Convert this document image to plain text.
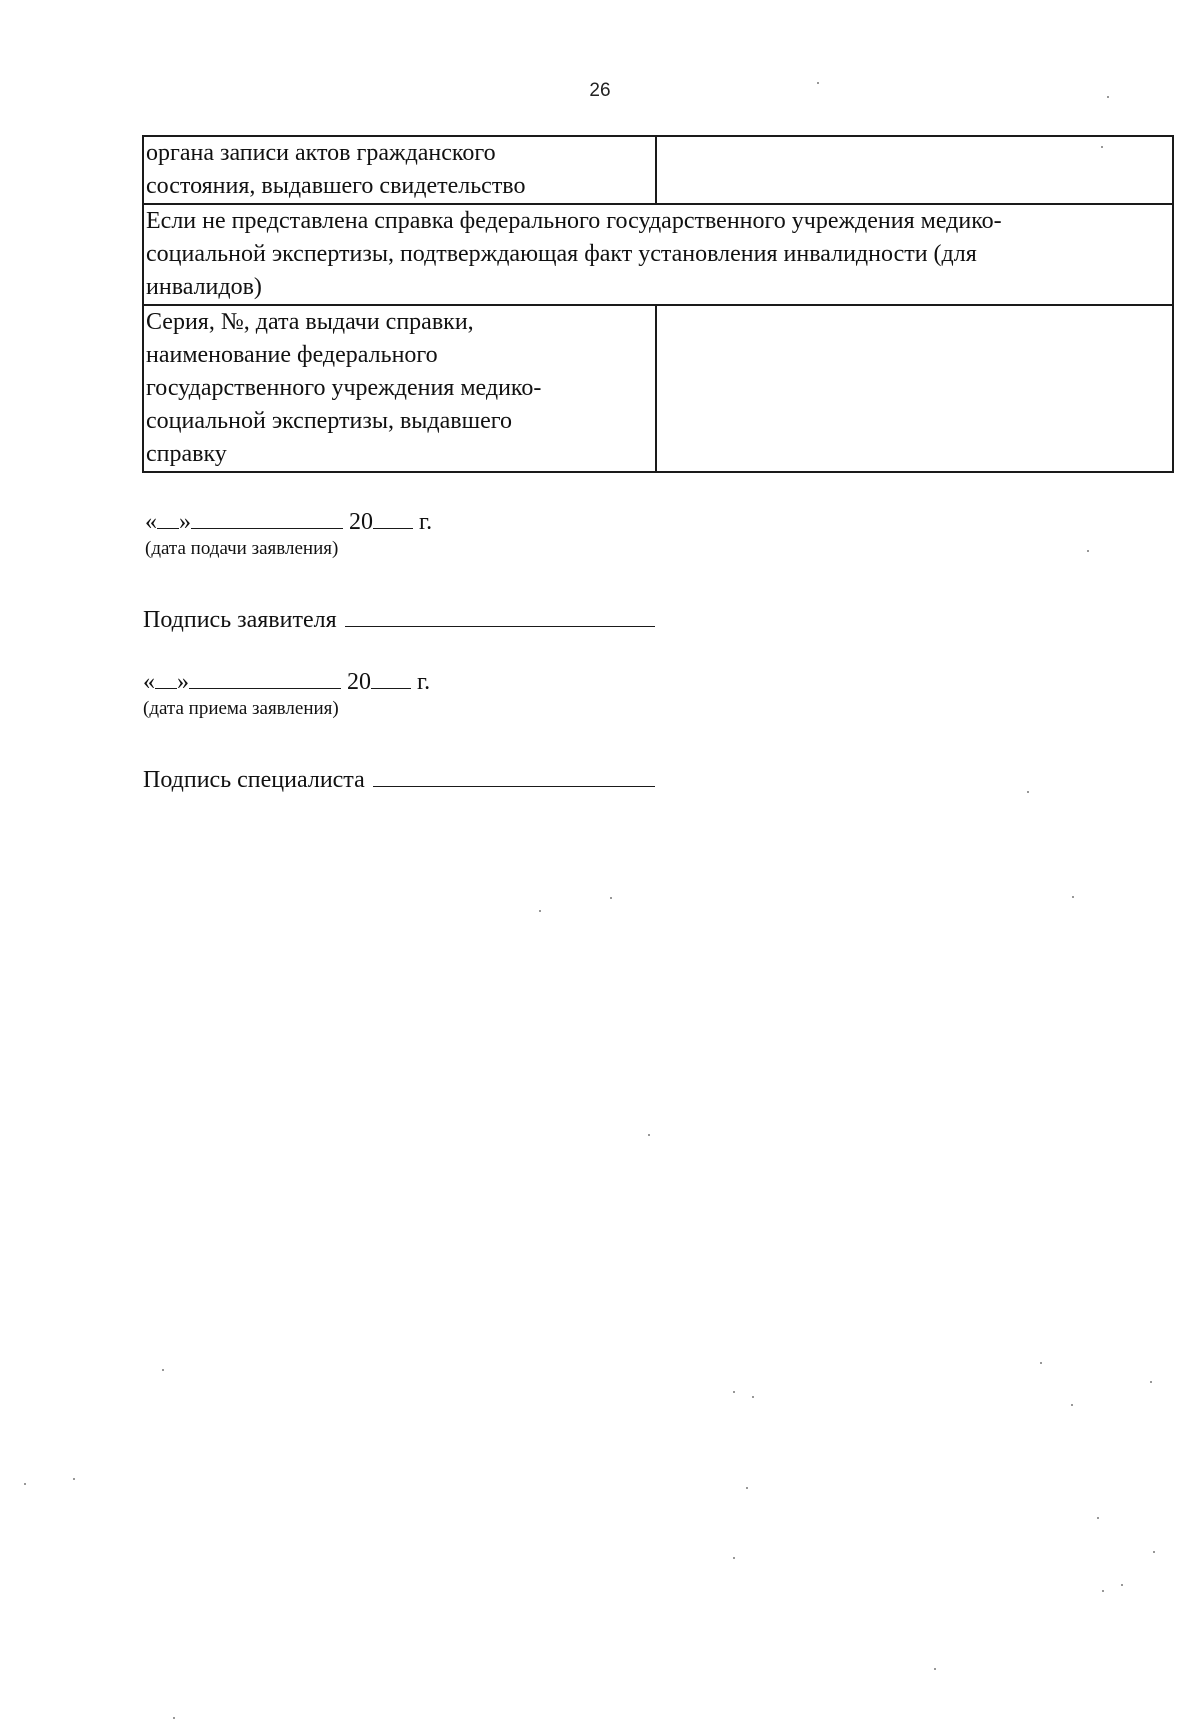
26
органа записи актов гражданского
состояния, выдавшего свидетельство	

Если не представлена справка федерального государственного учреждения медико-
социальной экспертизы, подтверждающая факт установления инвалидности (для
инвалидов)	

Серия, №, дата выдачи справки,
наименование федерального
государственного учреждения медико-
социальной экспертизы, выдавшего
справку	

« »	20 г.
(дата подачи заявления)
Подпись заявителя
« »	20 г.
(дата приема заявления)
Подпись специалиста
